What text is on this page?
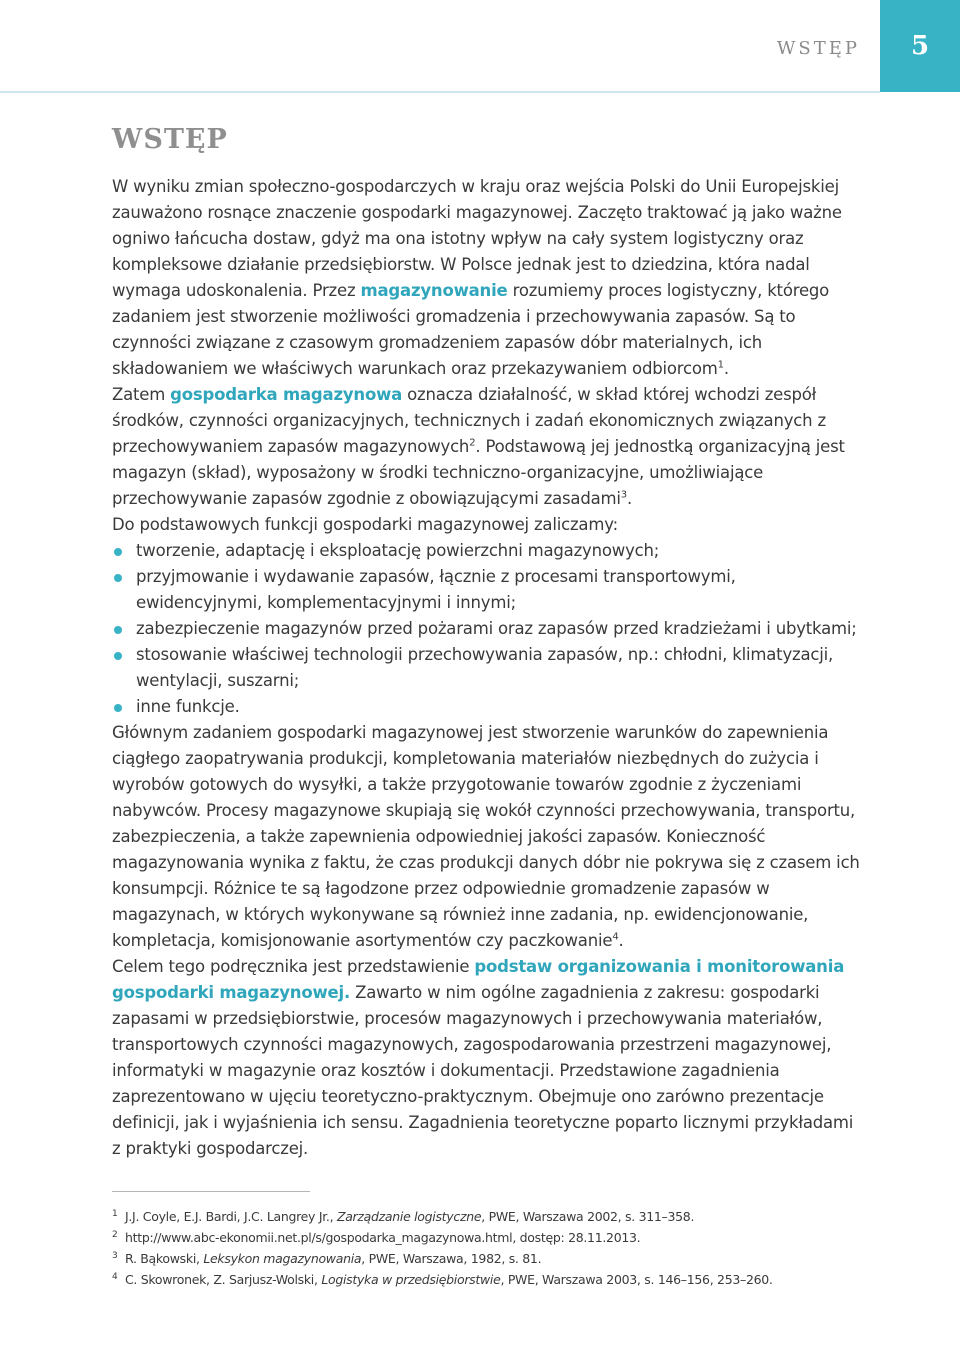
WSTĘP 5
WSTĘP

W wyniku zmian społeczno-gospodarczych w kraju oraz wejścia Polski do Unii Europejskiej zauważono rosnące znaczenie gospodarki magazynowej. Zaczęto traktować ją jako ważne ogniwo łańcucha dostaw, gdyż ma ona istotny wpływ na cały system logistyczny oraz kompleksowe działanie przedsiębiorstw. W Polsce jednak jest to dziedzina, która nadal wymaga udoskonalenia. Przez magazynowanie rozumiemy proces logistyczny, którego zadaniem jest stworzenie możliwości gromadzenia i przechowywania zapasów. Są to czynności związane z czasowym gromadzeniem zapasów dóbr materialnych, ich składowaniem we właściwych warunkach oraz przekazywaniem odbiorcom$^1$.

Zatem gospodarka magazynowa oznacza działalność, w skład której wchodzi zespół środków, czynności organizacyjnych, technicznych i zadań ekonomicznych związanych z przechowywaniem zapasów magazynowych$^2$. Podstawową jej jednostką organizacyjną jest magazyn (skład), wyposażony w środki techniczno-organizacyjne, umożliwiające przechowywanie zapasów zgodnie z obowiązującymi zasadami$^3$.

Do podstawowych funkcji gospodarki magazynowej zaliczamy:

tworzenie, adaptację i eksploatację powierzchni magazynowych;
przyjmowanie i wydawanie zapasów, łącznie z procesami transportowymi, ewidencyjnymi, komplementacyjnymi i innymi;
zabezpieczenie magazynów przed pożarami oraz zapasów przed kradzieżami i ubytkami;
stosowanie właściwej technologii przechowywania zapasów, np.: chłodni, klimatyzacji, wentylacji, suszarni;
inne funkcje.

Głównym zadaniem gospodarki magazynowej jest stworzenie warunków do zapewnienia ciągłego zaopatrywania produkcji, kompletowania materiałów niezbędnych do zużycia i wyrobów gotowych do wysyłki, a także przygotowanie towarów zgodnie z życzeniami nabywców. Procesy magazynowe skupiają się wokół czynności przechowywania, transportu, zabezpieczenia, a także zapewnienia odpowiedniej jakości zapasów. Konieczność magazynowania wynika z faktu, że czas produkcji danych dóbr nie pokrywa się z czasem ich konsumpcji. Różnice te są łagodzone przez odpowiednie gromadzenie zapasów w magazynach, w których wykonywane są również inne zadania, np. ewidencjonowanie, kompletacja, komisjonowanie asortymentów czy paczkowanie$^4$.

Celem tego podręcznika jest przedstawienie podstaw organizowania i monitorowania gospodarki magazynowej. Zawarto w nim ogólne zagadnienia z zakresu: gospodarki zapasami w przedsiębiorstwie, procesów magazynowych i przechowywania materiałów, transportowych czynności magazynowych, zagospodarowania przestrzeni magazynowej, informatyki w magazynie oraz kosztów i dokumentacji. Przedstawione zagadnienia zaprezentowano w ujęciu teoretyczno-praktycznym. Obejmuje ono zarówno prezentacje definicji, jak i wyjaśnienia ich sensu. Zagadnienia teoretyczne poparto licznymi przykładami z praktyki gospodarczej.

1 J.J. Coyle, E.J. Bardi, J.C. Langrey Jr., Zarządzanie logistyczne, PWE, Warszawa 2002, s. 311–358.
2 http://www.abc-ekonomii.net.pl/s/gospodarka_magazynowa.html, dostęp: 28.11.2013.
3 R. Bąkowski, Leksykon magazynowania, PWE, Warszawa, 1982, s. 81.
4 C. Skowronek, Z. Sarjusz-Wolski, Logistyka w przedsiębiorstwie, PWE, Warszawa 2003, s. 146–156, 253–260.
